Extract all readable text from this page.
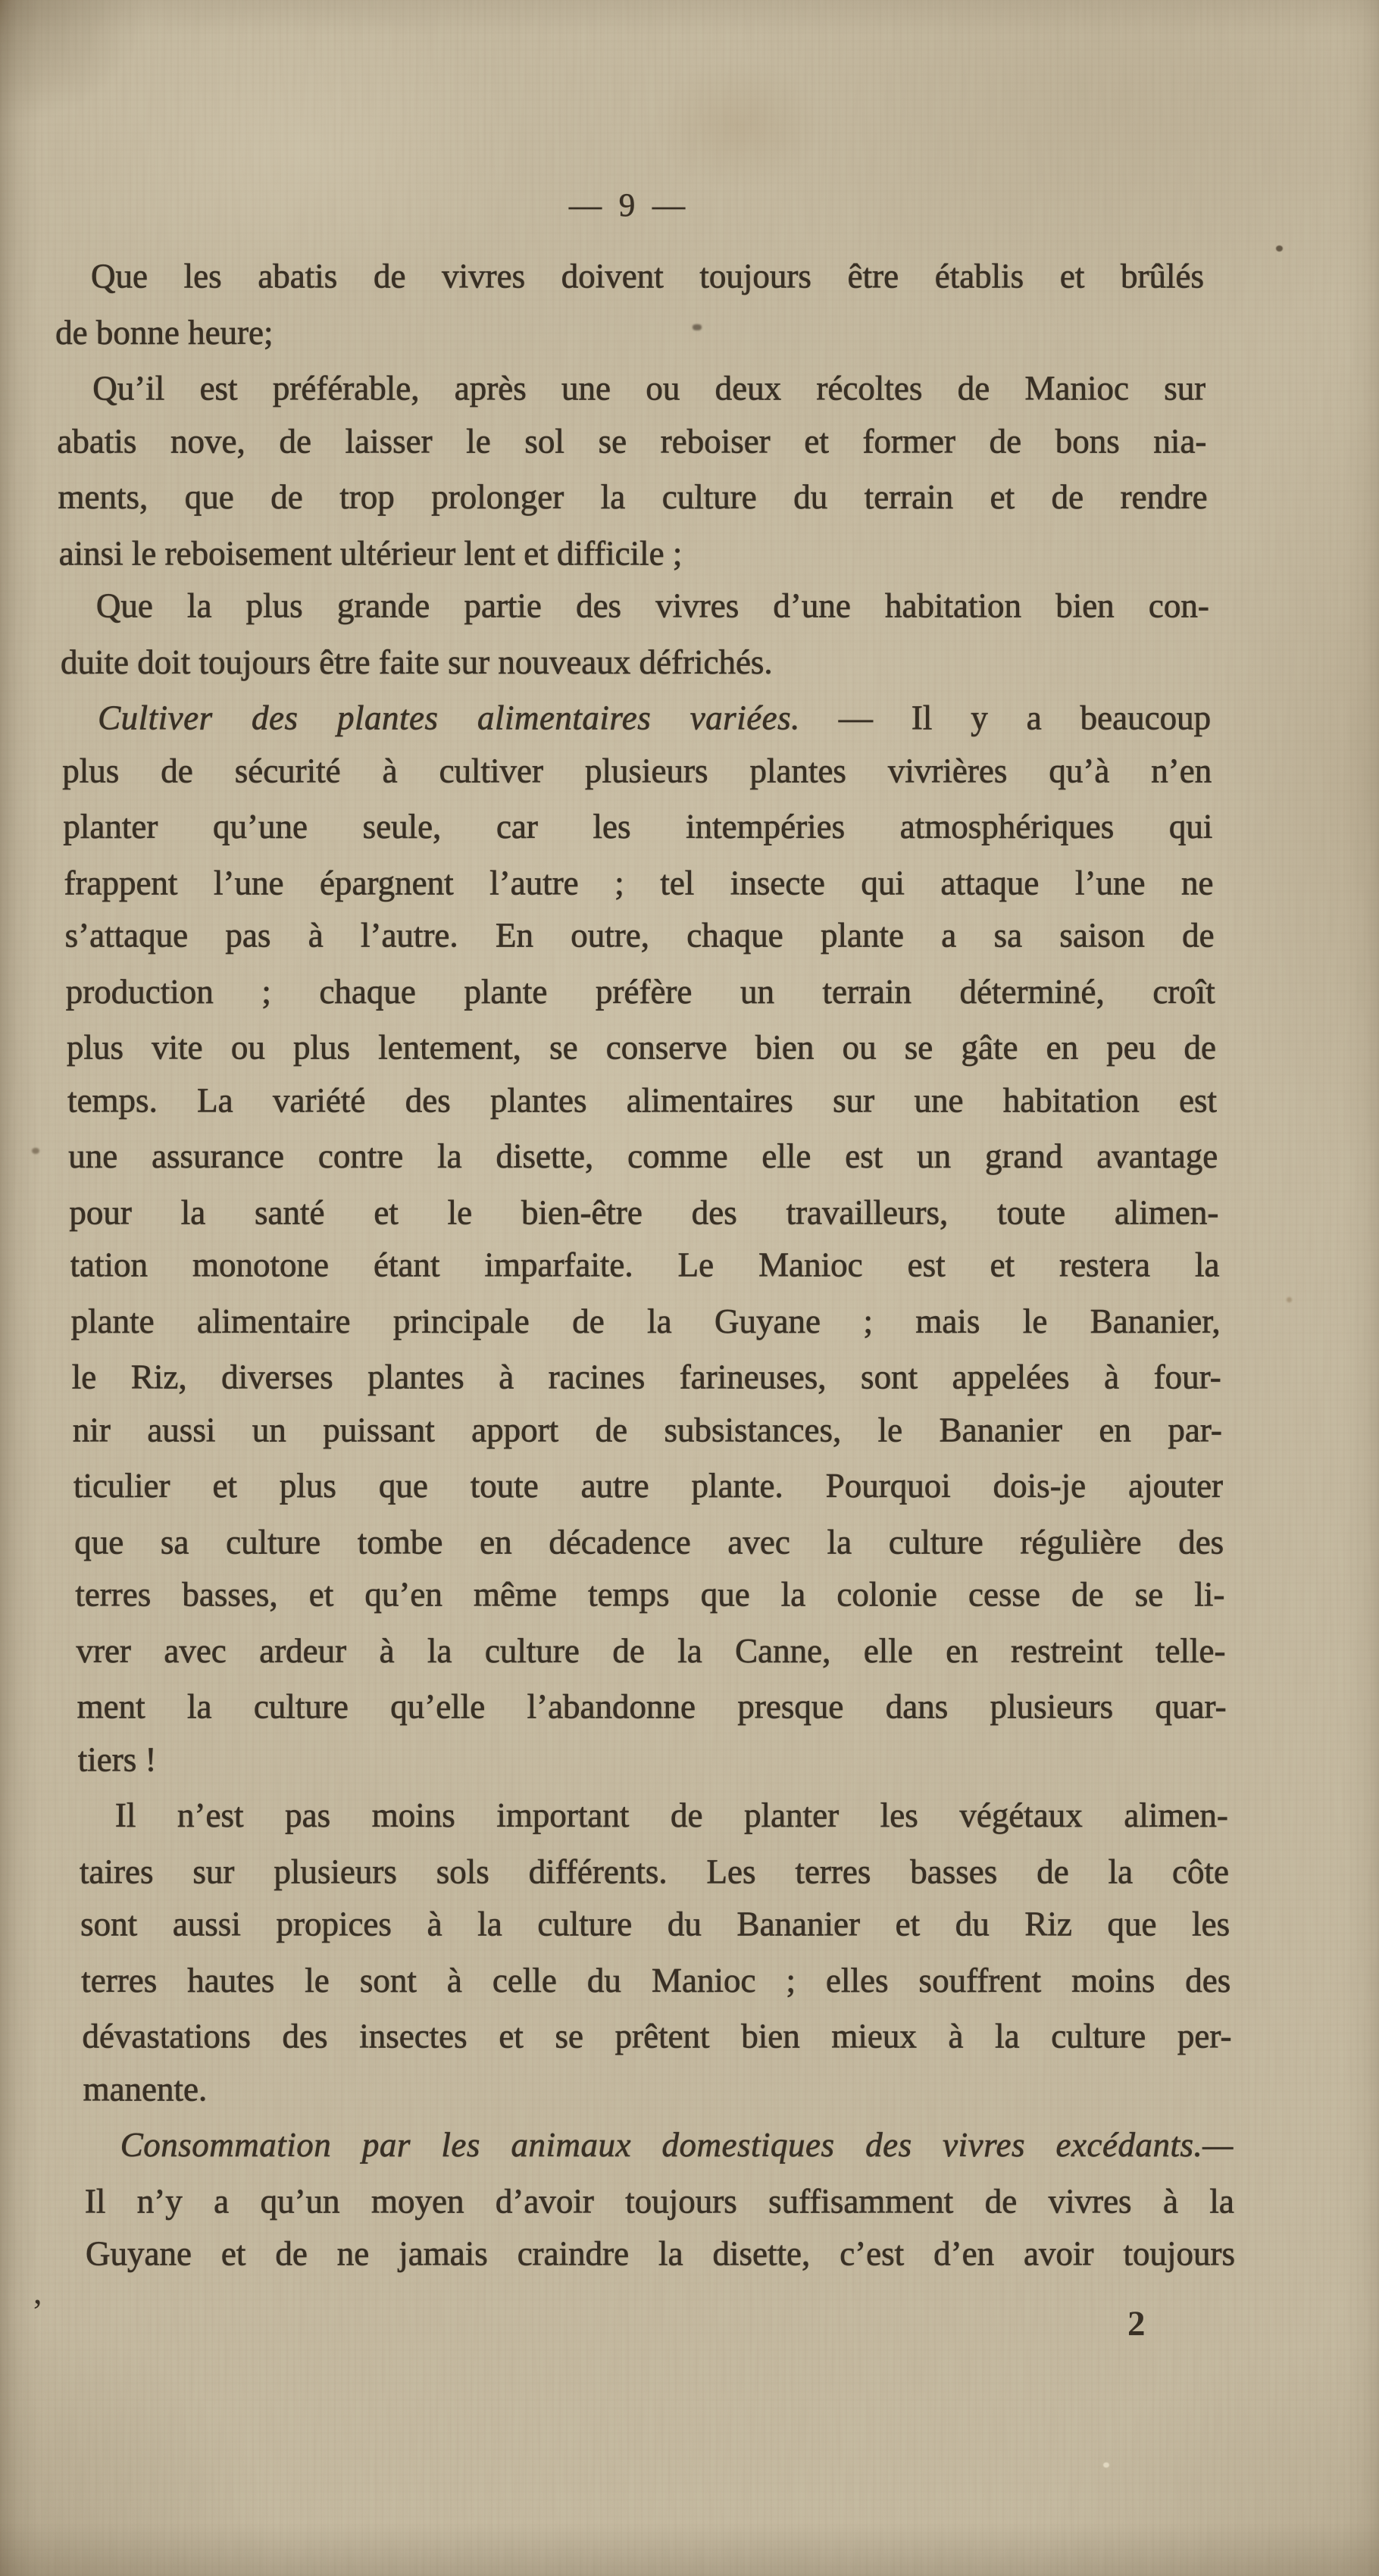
— 9 —
Que les abatis de vivres doivent toujours être établis et brûlés
de bonne heure;
Qu’il est préférable, après une ou deux récoltes de Manioc sur
abatis nove, de laisser le sol se reboiser et former de bons nia-
ments, que de trop prolonger la culture du terrain et de rendre
ainsi le reboisement ultérieur lent et difficile ;
Que la plus grande partie des vivres d’une habitation bien con-
duite doit toujours être faite sur nouveaux défrichés.
Cultiver des plantes alimentaires variées. — Il y a beaucoup
plus de sécurité à cultiver plusieurs plantes vivrières qu’à n’en
planter qu’une seule, car les intempéries atmosphériques qui
frappent l’une épargnent l’autre ; tel insecte qui attaque l’une ne
s’attaque pas à l’autre. En outre, chaque plante a sa saison de
production ; chaque plante préfère un terrain déterminé, croît
plus vite ou plus lentement, se conserve bien ou se gâte en peu de
temps. La variété des plantes alimentaires sur une habitation est
une assurance contre la disette, comme elle est un grand avantage
pour la santé et le bien-être des travailleurs, toute alimen-
tation monotone étant imparfaite. Le Manioc est et restera la
plante alimentaire principale de la Guyane ; mais le Bananier,
le Riz, diverses plantes à racines farineuses, sont appelées à four-
nir aussi un puissant apport de subsistances, le Bananier en par-
ticulier et plus que toute autre plante. Pourquoi dois-je ajouter
que sa culture tombe en décadence avec la culture régulière des
terres basses, et qu’en même temps que la colonie cesse de se li-
vrer avec ardeur à la culture de la Canne, elle en restreint telle-
ment la culture qu’elle l’abandonne presque dans plusieurs quar-
tiers !
Il n’est pas moins important de planter les végétaux alimen-
taires sur plusieurs sols différents. Les terres basses de la côte
sont aussi propices à la culture du Bananier et du Riz que les
terres hautes le sont à celle du Manioc ; elles souffrent moins des
dévastations des insectes et se prêtent bien mieux à la culture per-
manente.
Consommation par les animaux domestiques des vivres excédants.—
Il n’y a qu’un moyen d’avoir toujours suffisamment de vivres à la
Guyane et de ne jamais craindre la disette, c’est d’en avoir toujours
2
,
